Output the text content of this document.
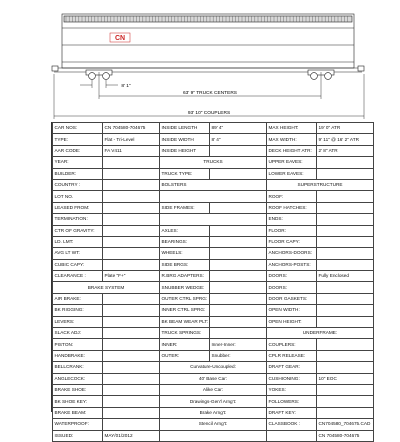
CN
8' 1"
63' 9" TRUCK CENTERS
93' 10" COUPLERS
CAR NOS:	CN 704580-704675	INSIDE LENGTH	89' 4"	MAX HEIGHT:	19' 0" ATR
TYPE:	Flat - Tri-Level	INSIDE WIDTH	8' 4"	MAX WIDTH:	9' 11" @ 16' 2" ATR
AAR CODE:	FA V411	INSIDE HEIGHT		DECK HEIGHT ATR:	2' 8" ATR
YEAR:		TRUCKS		UPPER EAVES:	
BUILDER:		TRUCK TYPE:		LOWER EAVES:	
COUNTRY :		BOLSTERS		SUPERSTRUCTURE	
LOT NO.				ROOF:	
LEASED FROM:		SIDE FRAMES:		ROOF HATCHES:	
TERMINATION:				ENDS:	
CTR OF GRAVITY:		AXLES:		FLOOR:	
LD. LMT:		BEARINGS:		FLOOR CAPY:	
AVG LT WT:		WHEELS:		ANCHORS-DOORS:	
CUBIC CAPY:		SIDE BRGS:		ANCHORS-POSTS:	
CLEARANCE :	Plate "F+"	R.BRG ADAPTERS:		DOORS:	Fully Enclosed
BRAKE SYSTEM		SNUBBER WEDGE:		DOORS:	
AIR BRAKE:		OUTER CTRL SPRG:		DOOR GASKETS:	
BK RIGGING:		INNER CTRL SPRG:		OPEN WIDTH:	
LEVERS:		BK BEAM WEAR PLT:		OPEN HEIGHT:	
SLACK ADJ:		TRUCK SPRINGS:		UNDERFRAME:	
PISTON:		INNER:	Inner-Inner:	COUPLERS:	
HANDBRAKE:		OUTER:	Snubber:	CPLR RELEASE:	
BELLCRANK:		Curvature-Uncoupled:		DRAFT GEAR:	
ANGLECOCK:		40' Base Car:		CUSHIONING:	10" EOC
BRAKE SHOE:		Alike Car:		YOKES:	
BK SHOE KEY:		Drawings-Gen'l Arng't:		FOLLOWERS:	
BRAKE BEAM:		Brake Arng't:		DRAFT KEY:	
WATERPROOF:		Stencil Arng't:		CLASSBOOK :	CN704580_704675.CAD
ISSUED:	MAY/01/2012				CN 704580-704675
